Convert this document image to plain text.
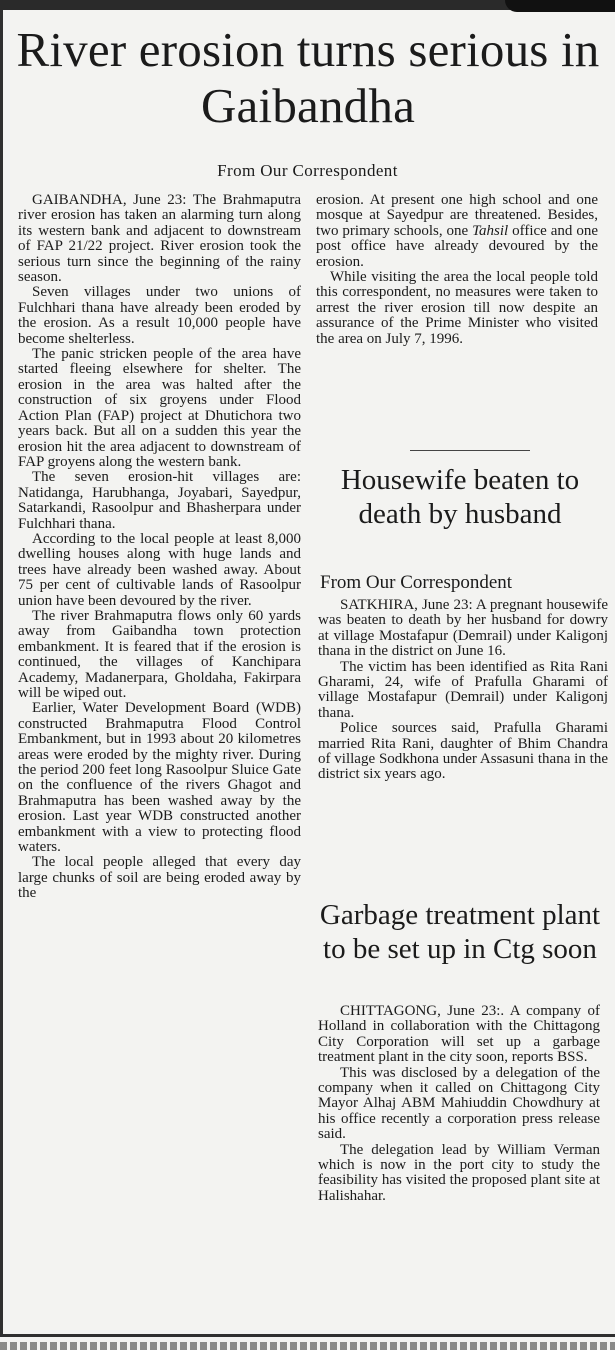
River erosion turns serious in Gaibandha
From Our Correspondent

GAIBANDHA, June 23: The Brahmaputra river erosion has taken an alarming turn along its western bank and adjacent to downstream of FAP 21/22 project. River erosion took the serious turn since the beginning of the rainy season.

Seven villages under two unions of Fulchhari thana have already been eroded by the erosion. As a result 10,000 people have become shelterless.

The panic stricken people of the area have started fleeing elsewhere for shelter. The erosion in the area was halted after the construction of six groyens under Flood Action Plan (FAP) project at Dhutichora two years back. But all on a sudden this year the erosion hit the area adjacent to downstream of FAP groyens along the western bank.

The seven erosion-hit villages are: Natidanga, Harubhanga, Joyabari, Sayedpur, Satarkandi, Rasoolpur and Bhasherpara under Fulchhari thana.

According to the local people at least 8,000 dwelling houses along with huge lands and trees have already been washed away. About 75 per cent of cultivable lands of Rasoolpur union have been devoured by the river.

The river Brahmaputra flows only 60 yards away from Gaibandha town protection embankment. It is feared that if the erosion is continued, the villages of Kanchipara Academy, Madanerpara, Gholdaha, Fakirpara will be wiped out.

Earlier, Water Development Board (WDB) constructed Brahmaputra Flood Control Embankment, but in 1993 about 20 kilometres areas were eroded by the mighty river. During the period 200 feet long Rasoolpur Sluice Gate on the confluence of the rivers Ghagot and Brahmaputra has been washed away by the erosion. Last year WDB constructed another embankment with a view to protecting flood waters.

The local people alleged that every day large chunks of soil are being eroded away by the

erosion. At present one high school and one mosque at Sayedpur are threatened. Besides, two primary schools, one Tahsil office and one post office have already devoured by the erosion.

While visiting the area the local people told this correspondent, no measures were taken to arrest the river erosion till now despite an assurance of the Prime Minister who visited the area on July 7, 1996.

Housewife beaten to death by husband
From Our Correspondent

SATKHIRA, June 23: A pregnant housewife was beaten to death by her husband for dowry at village Mostafapur (Demrail) under Kaligonj thana in the district on June 16.

The victim has been identified as Rita Rani Gharami, 24, wife of Prafulla Gharami of village Mostafapur (Demrail) under Kaligonj thana.

Police sources said, Prafulla Gharami married Rita Rani, daughter of Bhim Chandra of village Sodkhona under Assasuni thana in the district six years ago.

Garbage treatment plant to be set up in Ctg soon

CHITTAGONG, June 23:. A company of Holland in collaboration with the Chittagong City Corporation will set up a garbage treatment plant in the city soon, reports BSS.

This was disclosed by a delegation of the company when it called on Chittagong City Mayor Alhaj ABM Mahiuddin Chowdhury at his office recently a corporation press release said.

The delegation lead by William Verman which is now in the port city to study the feasibility has visited the proposed plant site at Halishahar.
